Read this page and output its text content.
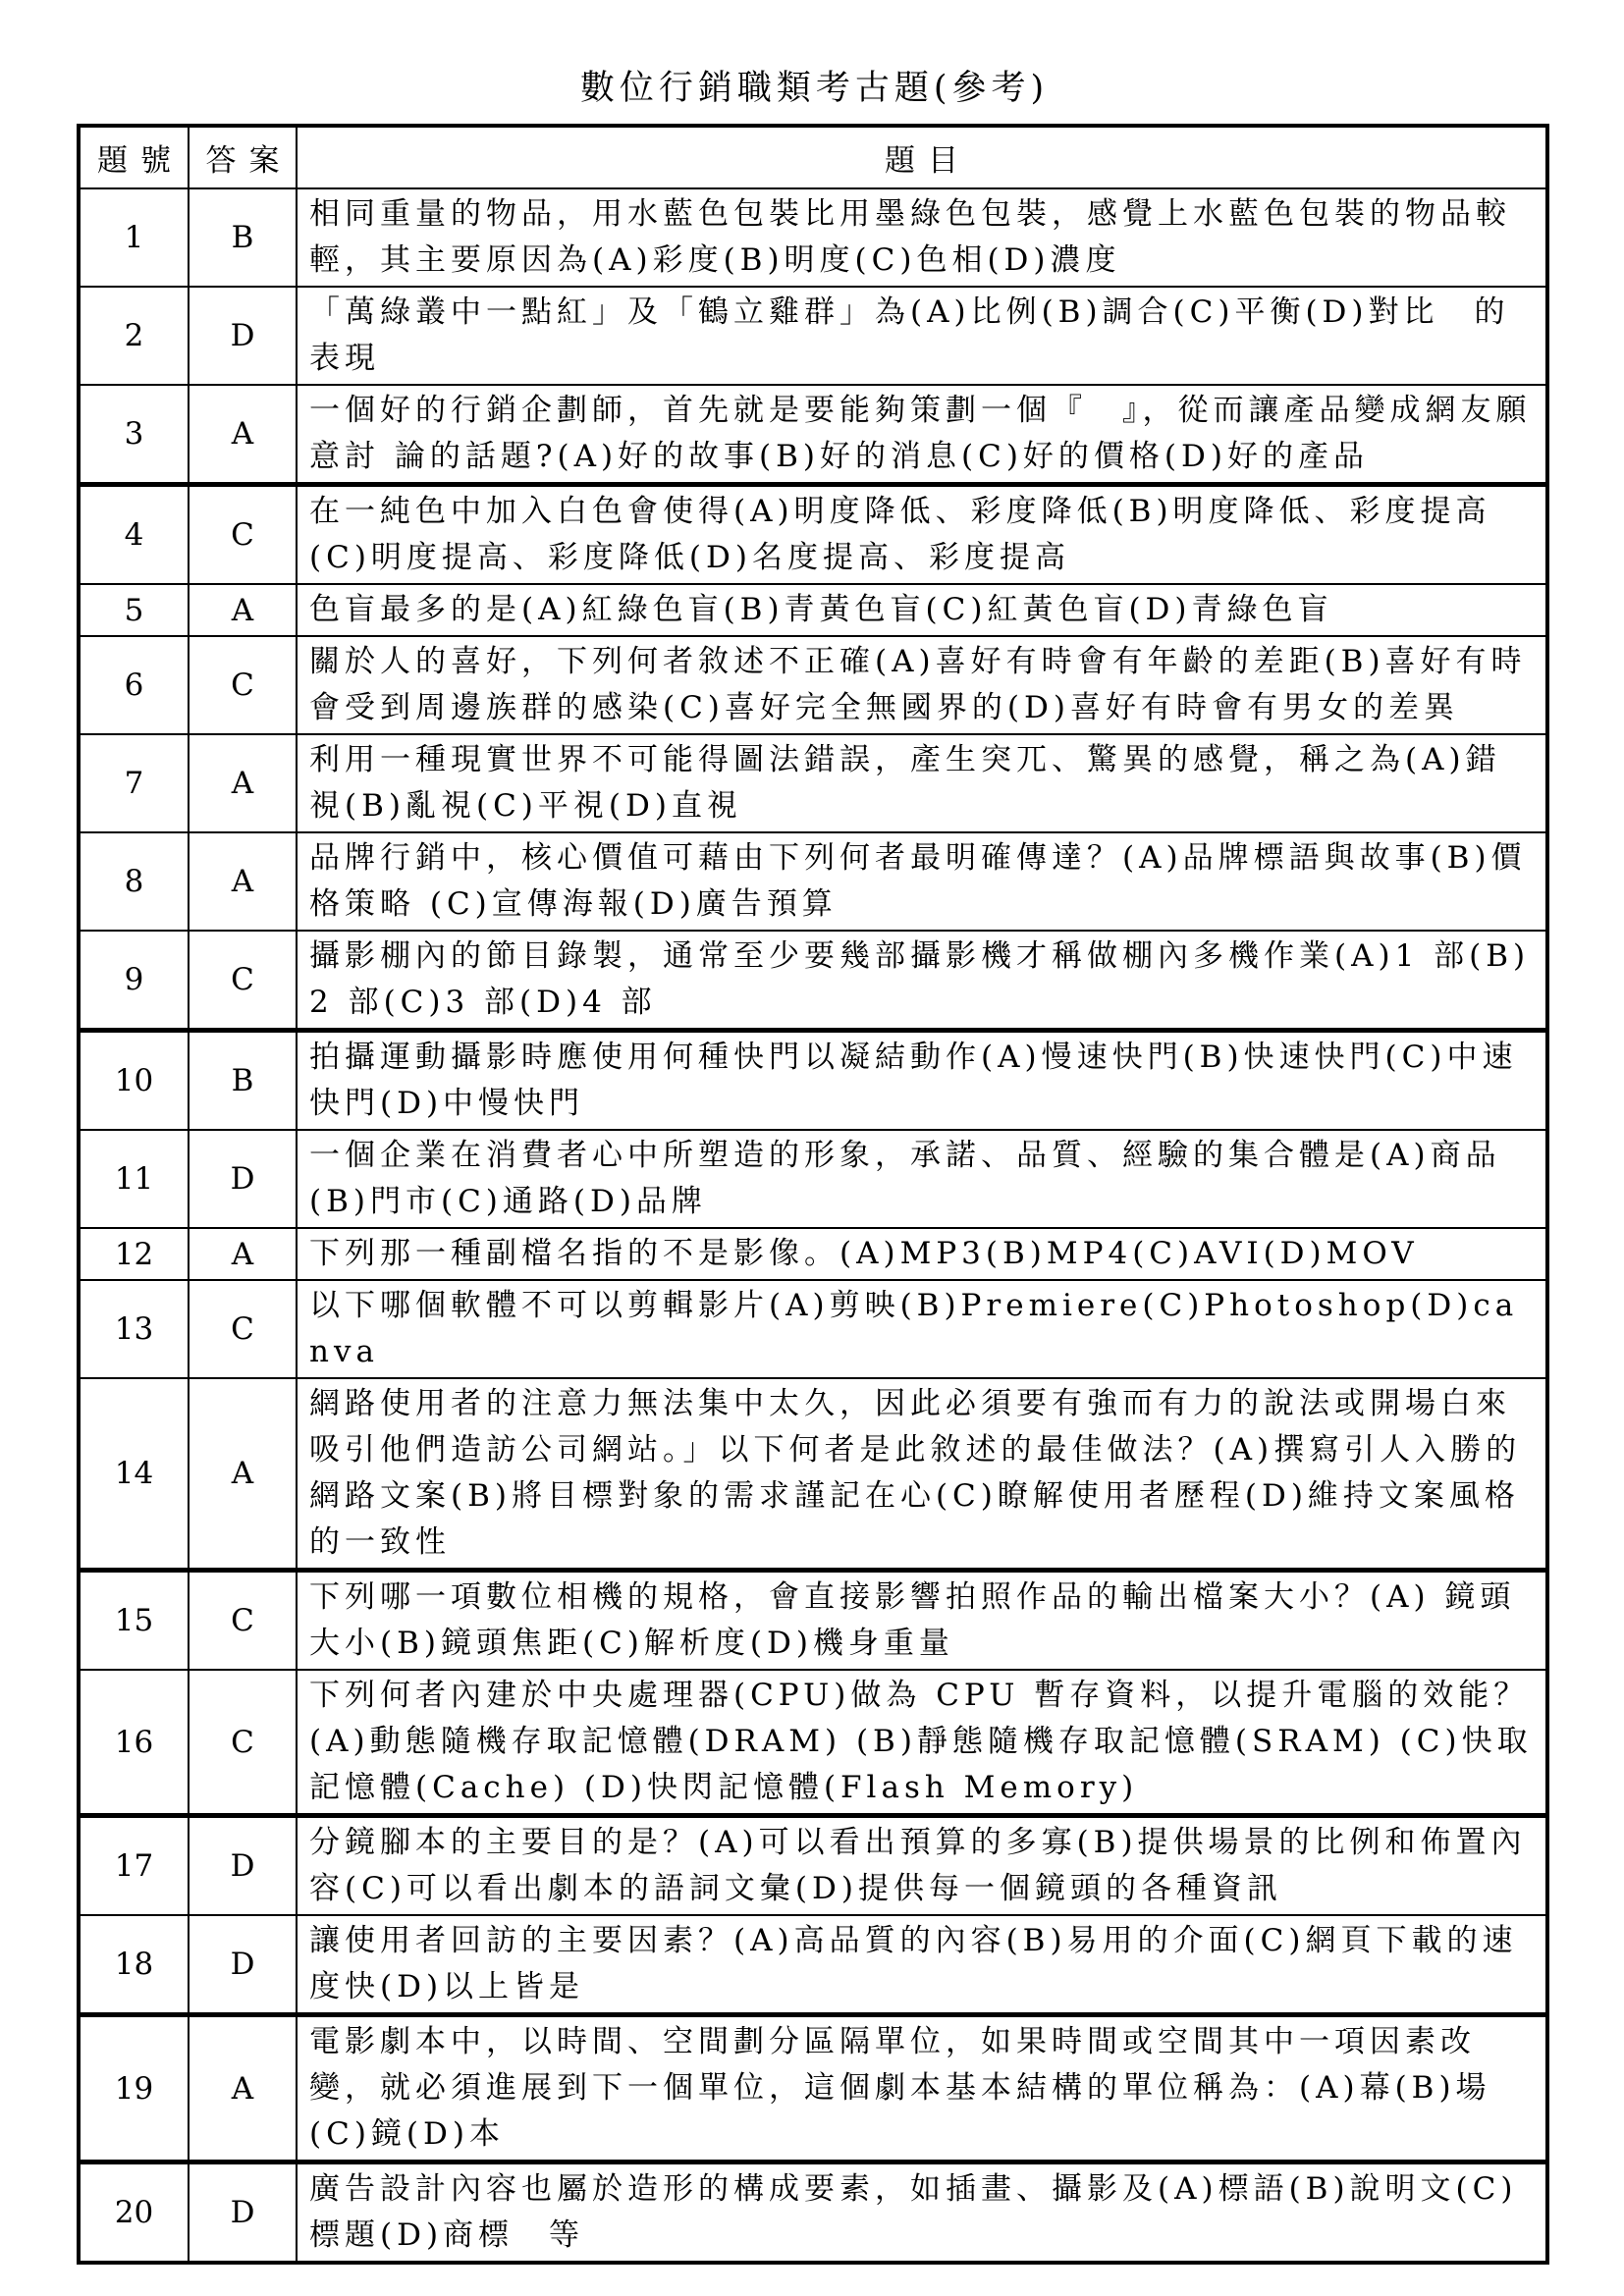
數位行銷職類考古題(參考)
題號	答案	題目
1	B	相同重量的物品，用水藍色包裝比用墨綠色包裝，感覺上水藍色包裝的物品較輕，其主要原因為(A)彩度(B)明度(C)色相(D)濃度
2	D	「萬綠叢中一點紅」及「鶴立雞群」為(A)比例(B)調合(C)平衡(D)對比　的表現
3	A	一個好的行銷企劃師，首先就是要能夠策劃一個『　』，從而讓產品變成網友願意討 論的話題?(A)好的故事(B)好的消息(C)好的價格(D)好的產品
4	C	在一純色中加入白色會使得(A)明度降低、彩度降低(B)明度降低、彩度提高(C)明度提高、彩度降低(D)名度提高、彩度提高
5	A	色盲最多的是(A)紅綠色盲(B)青黃色盲(C)紅黃色盲(D)青綠色盲
6	C	關於人的喜好，下列何者敘述不正確(A)喜好有時會有年齡的差距(B)喜好有時會受到周邊族群的感染(C)喜好完全無國界的(D)喜好有時會有男女的差異
7	A	利用一種現實世界不可能得圖法錯誤，產生突兀、驚異的感覺，稱之為(A)錯視(B)亂視(C)平視(D)直視
8	A	品牌行銷中，核心價值可藉由下列何者最明確傳達？(A)品牌標語與故事(B)價格策略 (C)宣傳海報(D)廣告預算
9	C	攝影棚內的節目錄製，通常至少要幾部攝影機才稱做棚內多機作業(A)1 部(B)2 部(C)3 部(D)4 部
10	B	拍攝運動攝影時應使用何種快門以凝結動作(A)慢速快門(B)快速快門(C)中速快門(D)中慢快門
11	D	一個企業在消費者心中所塑造的形象，承諾、品質、經驗的集合體是(A)商品(B)門市(C)通路(D)品牌
12	A	下列那一種副檔名指的不是影像。(A)MP3(B)MP4(C)AVI(D)MOV
13	C	以下哪個軟體不可以剪輯影片(A)剪映(B)Premiere(C)Photoshop(D)canva
14	A	網路使用者的注意力無法集中太久，因此必須要有強而有力的說法或開場白來吸引他們造訪公司網站。」以下何者是此敘述的最佳做法？(A)撰寫引人入勝的網路文案(B)將目標對象的需求謹記在心(C)瞭解使用者歷程(D)維持文案風格的一致性
15	C	下列哪一項數位相機的規格，會直接影響拍照作品的輸出檔案大小？(A) 鏡頭大小(B)鏡頭焦距(C)解析度(D)機身重量
16	C	下列何者內建於中央處理器(CPU)做為 CPU 暫存資料，以提升電腦的效能？(A)動態隨機存取記憶體(DRAM) (B)靜態隨機存取記憶體(SRAM) (C)快取記憶體(Cache) (D)快閃記憶體(Flash Memory)
17	D	分鏡腳本的主要目的是？(A)可以看出預算的多寡(B)提供場景的比例和佈置內容(C)可以看出劇本的語詞文彙(D)提供每一個鏡頭的各種資訊
18	D	讓使用者回訪的主要因素？(A)高品質的內容(B)易用的介面(C)網頁下載的速度快(D)以上皆是
19	A	電影劇本中，以時間、空間劃分區隔單位，如果時間或空間其中一項因素改變，就必須進展到下一個單位，這個劇本基本結構的單位稱為：(A)幕(B)場(C)鏡(D)本
20	D	廣告設計內容也屬於造形的構成要素，如插畫、攝影及(A)標語(B)說明文(C)標題(D)商標　等
